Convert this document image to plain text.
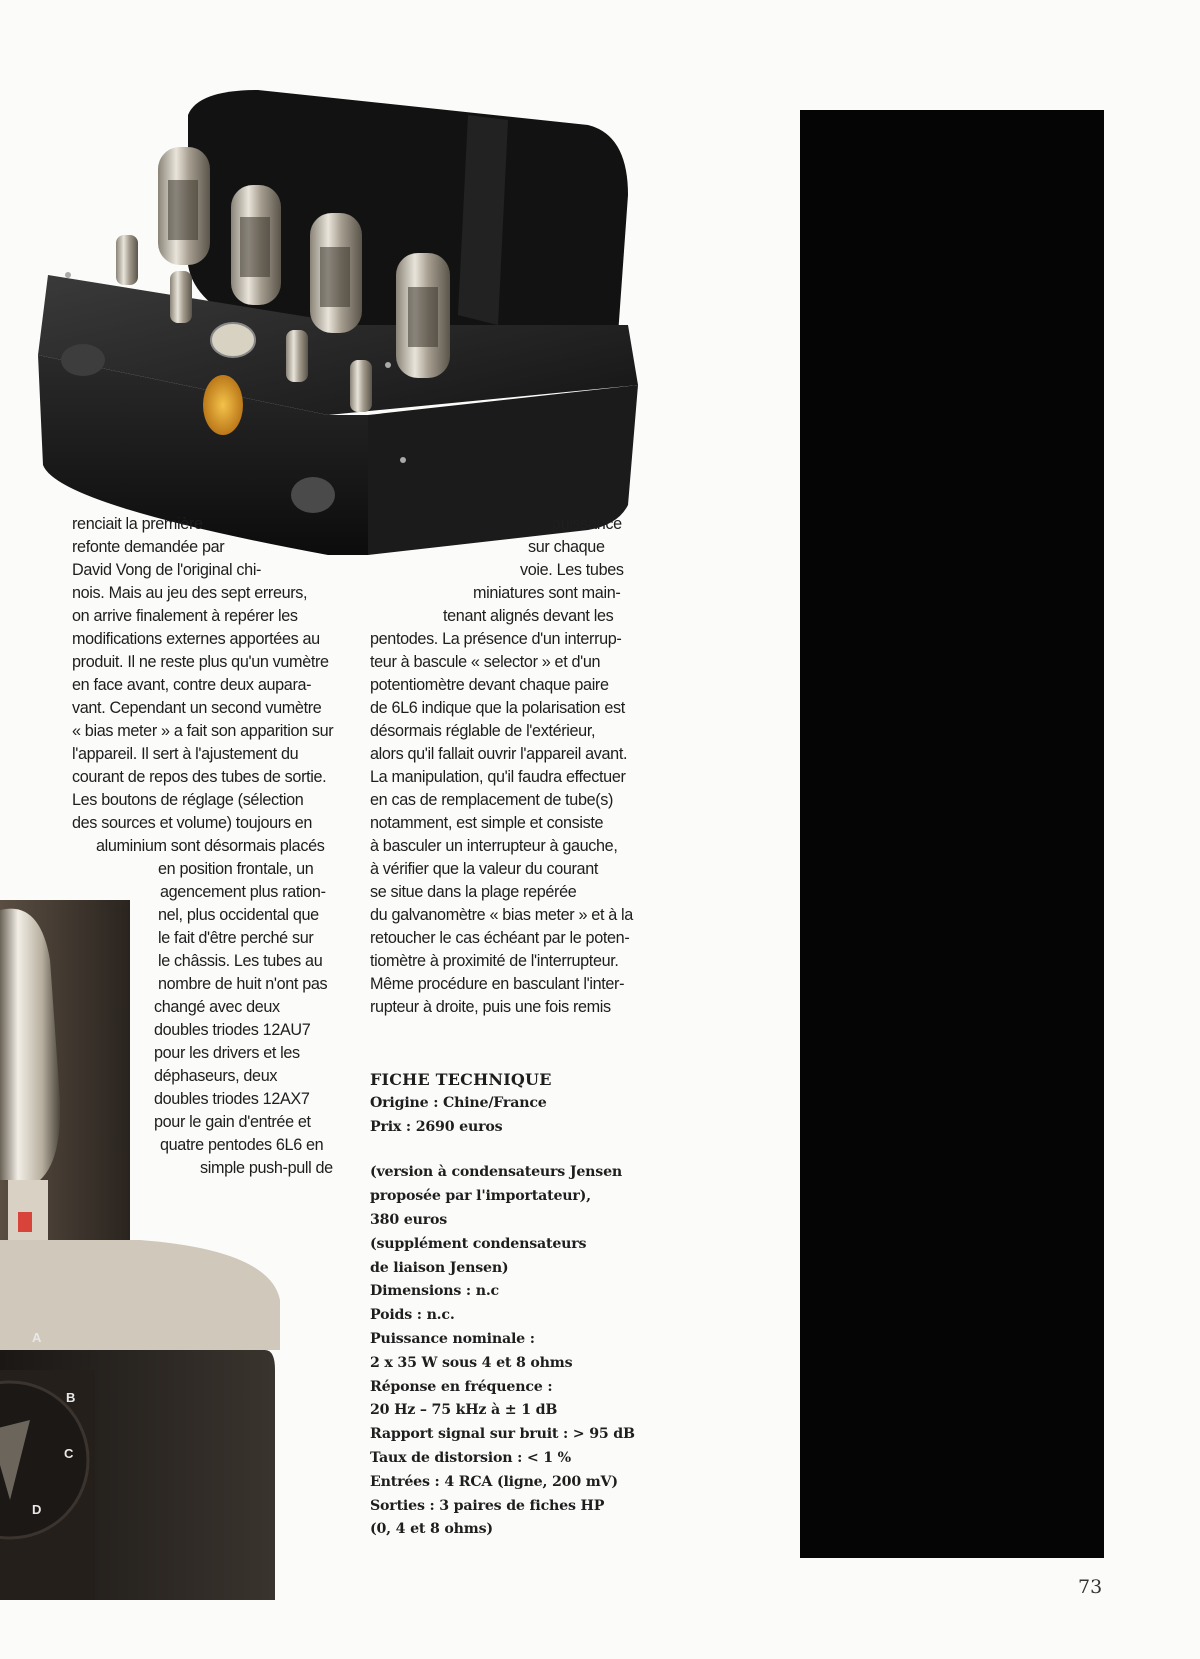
A
B
C
D
renciait la première
refonte demandée par
David Vong de l'original chi-
nois. Mais au jeu des sept erreurs,
on arrive finalement à repérer les
modifications externes apportées au
produit. Il ne reste plus qu'un vumètre
en face avant, contre deux aupara-
vant. Cependant un second vumètre
« bias meter » a fait son apparition sur
l'appareil. Il sert à l'ajustement du
courant de repos des tubes de sortie.
Les boutons de réglage (sélection
des sources et volume) toujours en
aluminium sont désormais placés
en position frontale, un
agencement plus ration-
nel, plus occidental que
le fait d'être perché sur
le châssis. Les tubes au
nombre de huit n'ont pas
changé avec deux
doubles triodes 12AU7
pour les drivers et les
déphaseurs, deux
doubles triodes 12AX7
pour le gain d'entrée et
quatre pentodes 6L6 en
simple push-pull de
puissance
sur chaque
voie. Les tubes
miniatures sont main-
tenant alignés devant les
pentodes. La présence d'un interrup-
teur à bascule « selector » et d'un
potentiomètre devant chaque paire
de 6L6 indique que la polarisation est
désormais réglable de l'extérieur,
alors qu'il fallait ouvrir l'appareil avant.
La manipulation, qu'il faudra effectuer
en cas de remplacement de tube(s)
notamment, est simple et consiste
à basculer un interrupteur à gauche,
à vérifier que la valeur du courant
se situe dans la plage repérée
du galvanomètre « bias meter » et à la
retoucher le cas échéant par le poten-
tiomètre à proximité de l'interrupteur.
Même procédure en basculant l'inter-
rupteur à droite, puis une fois remis
FICHE TECHNIQUE
Origine : Chine/France
Prix : 2690 euros
(version à condensateurs Jensen
proposée par l'importateur),
380 euros
(supplément condensateurs
de liaison Jensen)
Dimensions : n.c
Poids : n.c.
Puissance nominale :
2 x 35 W sous 4 et 8 ohms
Réponse en fréquence :
20 Hz – 75 kHz à ± 1 dB
Rapport signal sur bruit : > 95 dB
Taux de distorsion : < 1 %
Entrées : 4 RCA (ligne, 200 mV)
Sorties : 3 paires de fiches HP
(0, 4 et 8 ohms)
73
